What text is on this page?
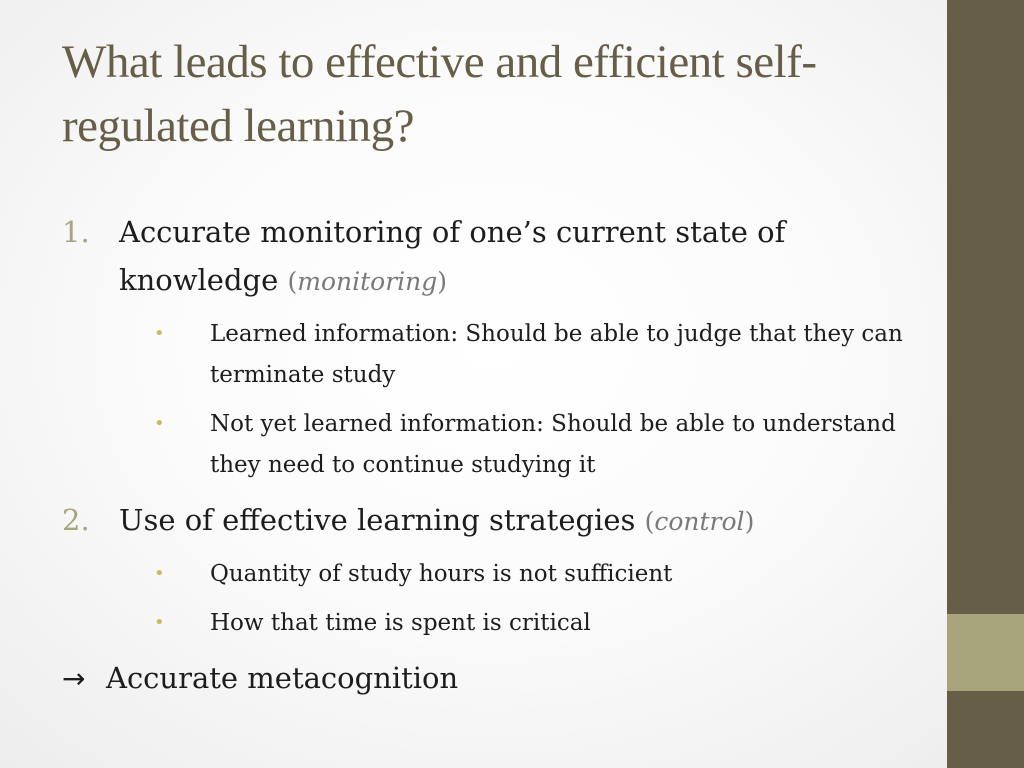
What leads to effective and efficient self-regulated learning?
1. Accurate monitoring of one’s current state of knowledge (monitoring)
• Learned information: Should be able to judge that they can terminate study
• Not yet learned information: Should be able to understand they need to continue studying it
2. Use of effective learning strategies (control)
• Quantity of study hours is not sufficient
• How that time is spent is critical
→ Accurate metacognition
